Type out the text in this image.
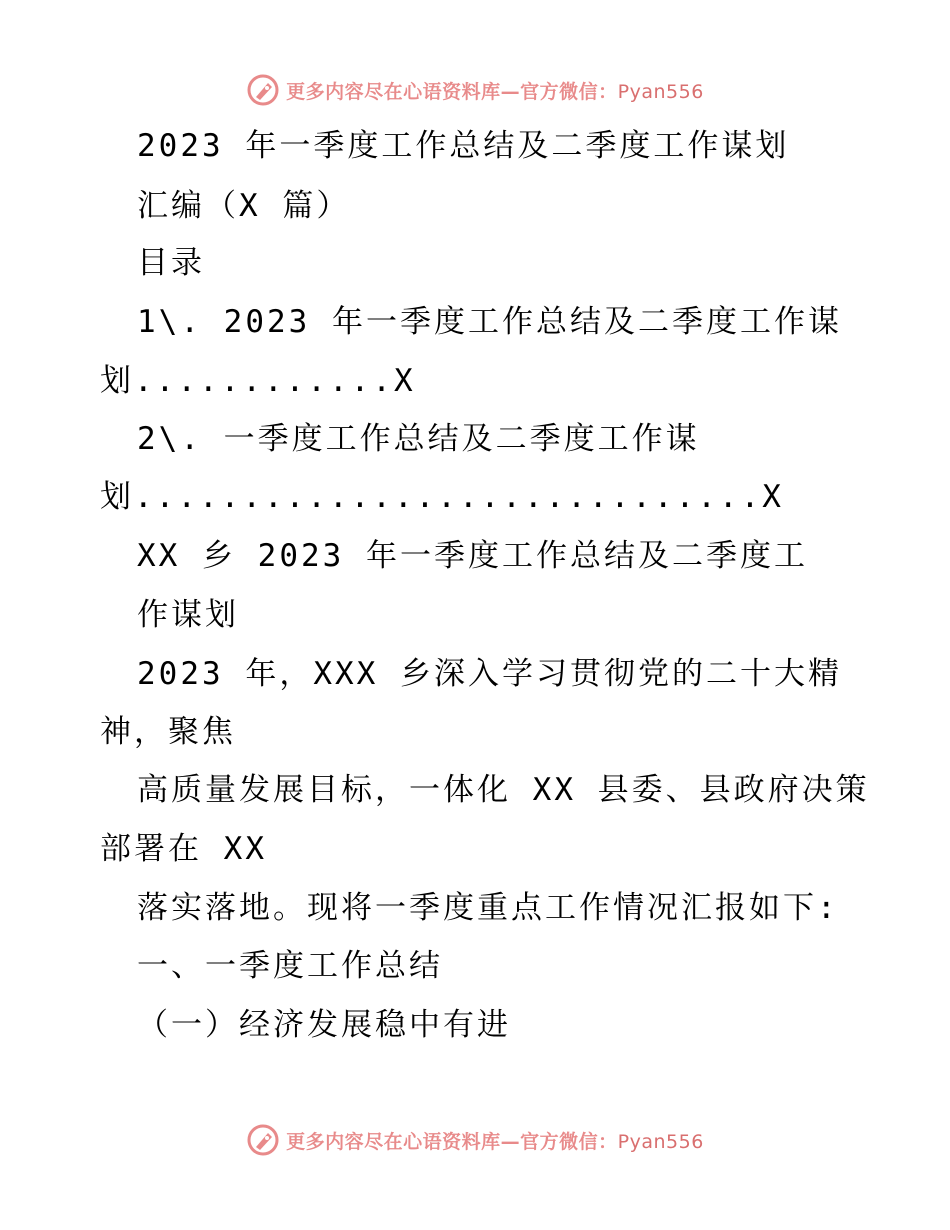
更多内容尽在心语资料库—官方微信：Pyan556
2023 年一季度工作总结及二季度工作谋划
汇编（X 篇）
目录
1\. 2023 年一季度工作总结及二季度工作谋
划............X
2\. 一季度工作总结及二季度工作谋
划.............................X
XX 乡 2023 年一季度工作总结及二季度工
作谋划
2023 年，XXX 乡深入学习贯彻党的二十大精
神，聚焦
高质量发展目标，一体化 XX 县委、县政府决策
部署在 XX
落实落地。现将一季度重点工作情况汇报如下:
一、一季度工作总结
（一）经济发展稳中有进
更多内容尽在心语资料库—官方微信：Pyan556
